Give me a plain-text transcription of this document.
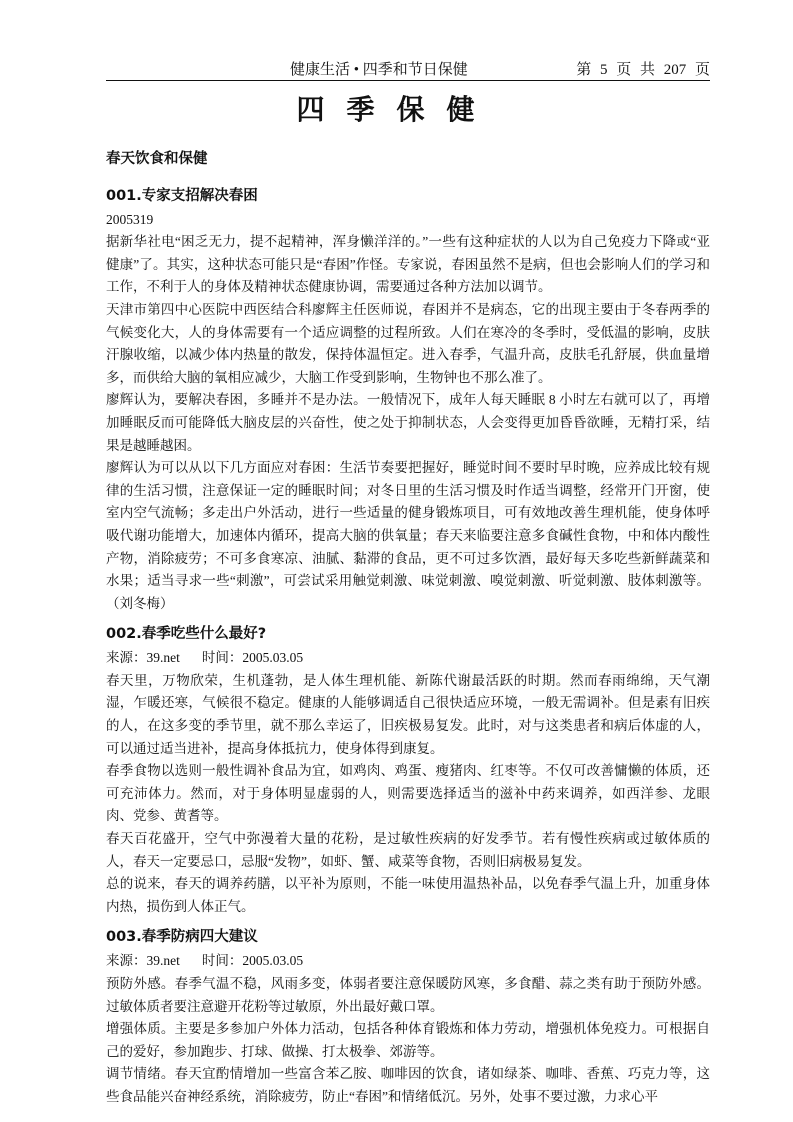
健康生活 • 四季和节日保健	第 5 页 共 207 页
四季保健
春天饮食和保健
001.专家支招解决春困
2005319

据新华社电“困乏无力，提不起精神，浑身懒洋洋的。”一些有这种症状的人以为自己免疫力下降或“亚健康”了。其实，这种状态可能只是“春困”作怪。专家说，春困虽然不是病，但也会影响人们的学习和工作，不利于人的身体及精神状态健康协调，需要通过各种方法加以调节。

天津市第四中心医院中西医结合科廖辉主任医师说，春困并不是病态，它的出现主要由于冬春两季的气候变化大，人的身体需要有一个适应调整的过程所致。人们在寒冷的冬季时，受低温的影响，皮肤汗腺收缩，以减少体内热量的散发，保持体温恒定。进入春季，气温升高，皮肤毛孔舒展，供血量增多，而供给大脑的氧相应减少，大脑工作受到影响，生物钟也不那么准了。

廖辉认为，要解决春困，多睡并不是办法。一般情况下，成年人每天睡眠 8 小时左右就可以了，再增加睡眠反而可能降低大脑皮层的兴奋性，使之处于抑制状态，人会变得更加昏昏欲睡，无精打采，结果是越睡越困。

廖辉认为可以从以下几方面应对春困：生活节奏要把握好，睡觉时间不要时早时晚，应养成比较有规律的生活习惯，注意保证一定的睡眠时间；对冬日里的生活习惯及时作适当调整，经常开门开窗，使室内空气流畅；多走出户外活动，进行一些适量的健身锻炼项目，可有效地改善生理机能，使身体呼吸代谢功能增大，加速体内循环，提高大脑的供氧量；春天来临要注意多食碱性食物，中和体内酸性产物，消除疲劳；不可多食寒凉、油腻、黏滞的食品，更不可过多饮酒，最好每天多吃些新鲜蔬菜和水果；适当寻求一些“刺激”，可尝试采用触觉刺激、味觉刺激、嗅觉刺激、听觉刺激、肢体刺激等。（刘冬梅）

002.春季吃些什么最好?
来源：39.net 时间：2005.03.05

春天里，万物欣荣，生机蓬勃，是人体生理机能、新陈代谢最活跃的时期。然而春雨绵绵，天气潮湿，乍暖还寒，气候很不稳定。健康的人能够调适自己很快适应环境，一般无需调补。但是素有旧疾的人，在这多变的季节里，就不那么幸运了，旧疾极易复发。此时，对与这类患者和病后体虚的人，可以通过适当进补，提高身体抵抗力，使身体得到康复。

春季食物以选则一般性调补食品为宜，如鸡肉、鸡蛋、瘦猪肉、红枣等。不仅可改善慵懒的体质，还可充沛体力。然而，对于身体明显虚弱的人，则需要选择适当的滋补中药来调养，如西洋参、龙眼肉、党参、黄耆等。

春天百花盛开，空气中弥漫着大量的花粉，是过敏性疾病的好发季节。若有慢性疾病或过敏体质的人，春天一定要忌口，忌服“发物”，如虾、蟹、咸菜等食物，否则旧病极易复发。

总的说来，春天的调养药膳，以平补为原则，不能一味使用温热补品，以免春季气温上升，加重身体内热，损伤到人体正气。

003.春季防病四大建议
来源：39.net 时间：2005.03.05

预防外感。春季气温不稳，风雨多变，体弱者要注意保暖防风寒，多食醋、蒜之类有助于预防外感。过敏体质者要注意避开花粉等过敏原，外出最好戴口罩。

增强体质。主要是多参加户外体力活动，包括各种体育锻炼和体力劳动，增强机体免疫力。可根据自己的爱好，参加跑步、打球、做操、打太极拳、郊游等。

调节情绪。春天宜酌情增加一些富含苯乙胺、咖啡因的饮食，诸如绿茶、咖啡、香蕉、巧克力等，这些食品能兴奋神经系统，消除疲劳，防止“春困”和情绪低沉。另外，处事不要过激，力求心平
